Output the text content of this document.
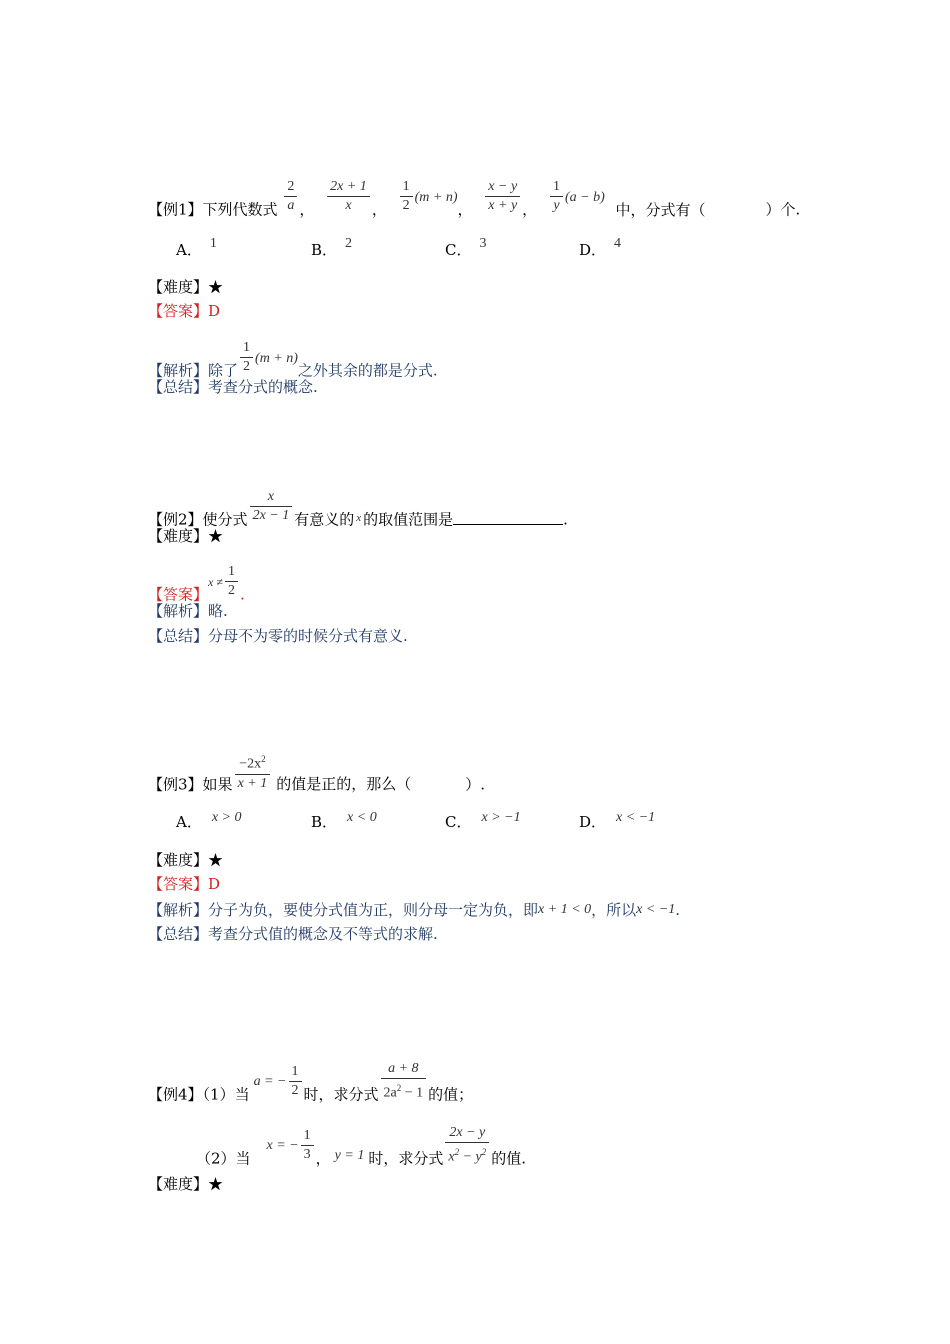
【例1】下列代数式 $\frac{2}{a}$ ， $\frac{2x + 1}{x}$ ， $\frac{1}{2} (m + n)$， $\frac{x - y}{x + y}$ ， $\frac{1}{y} (a - b)$ 中，分式有（	）个.
A． 1	B． 2	C． 3	D． 4
【难度】★
【答案】D
【解析】除了 $\frac{1}{2} (m + n)$之外其余的都是分式.
【总结】考查分式的概念.
【例2】使分式 $\frac{x}{2x - 1}$ 有意义的 $^x$ 的取值范围是	.
【难度】★
【答案】$^{x \ne} \frac{1}{2}$ .
【解析】略.
【总结】分母不为零的时候分式有意义.
【例3】如果 $\frac{-2x^2}{x + 1}$ 的值是正的，那么（	）.
A． x > 0	B． x < 0	C． x > −1	D． x < −1
【难度】★
【答案】D
【解析】分子为负，要使分式值为正，则分母一定为负，即x + 1 < 0，所以x < −1.
【总结】考查分式值的概念及不等式的求解.
【例4】（1）当a = − $\frac{1}{2}$ 时，求分式 $\frac{a + 8}{2a^2 - 1}$ 的值；
（2）当x = − $\frac{1}{3}$ ， y = 1 时，求分式 $\frac{2x - y}{x^2 - y^2}$ 的值.
【难度】★
